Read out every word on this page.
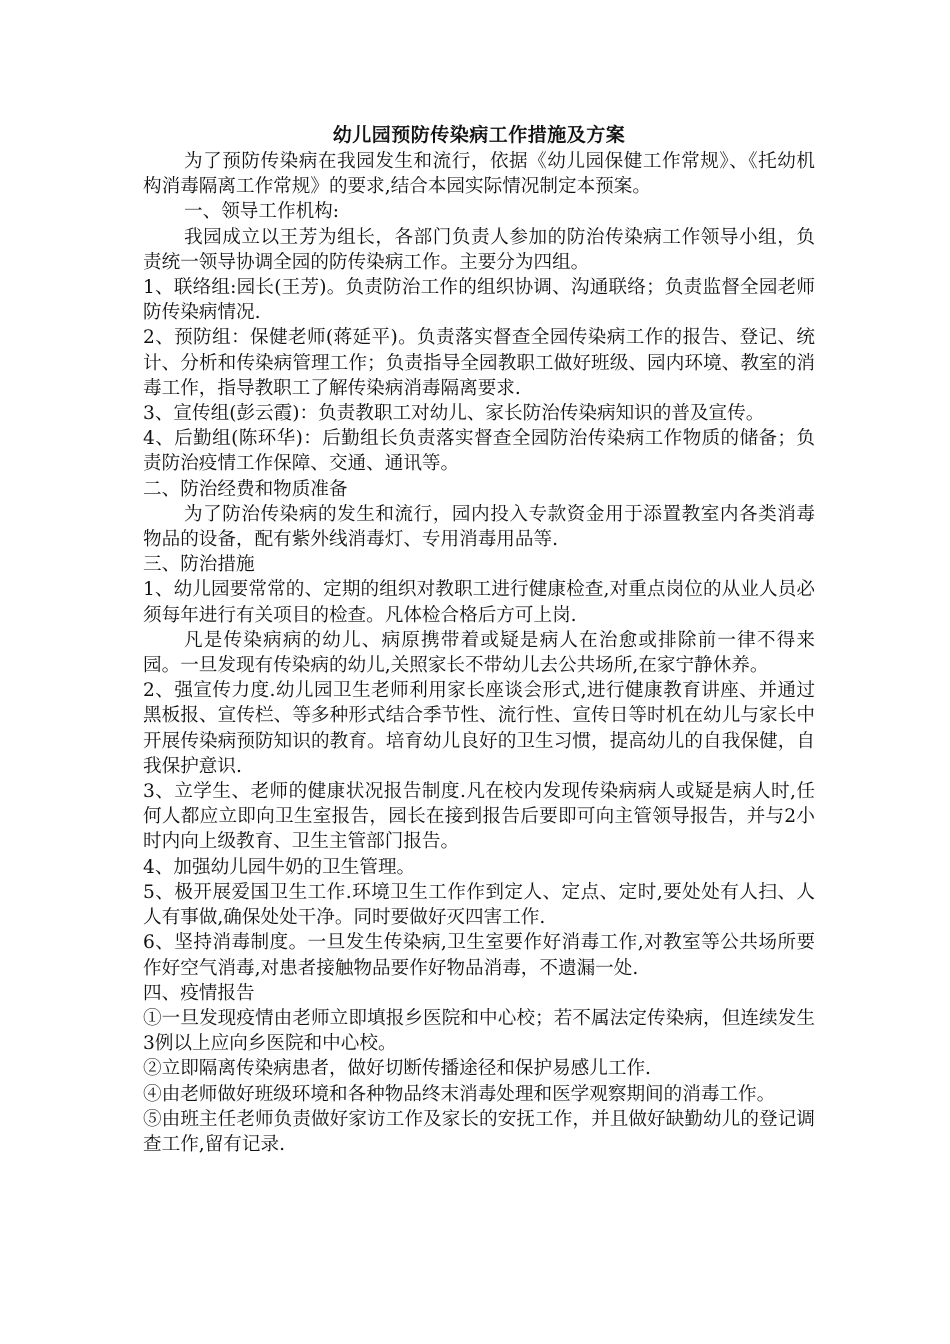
幼儿园预防传染病工作措施及方案

为了预防传染病在我园发生和流行，依据《幼儿园保健工作常规》、《托幼机构消毒隔离工作常规》的要求,结合本园实际情况制定本预案。

一、领导工作机构:

我园成立以王芳为组长，各部门负责人参加的防治传染病工作领导小组，负责统一领导协调全园的防传染病工作。主要分为四组。

1、联络组:园长(王芳)。负责防治工作的组织协调、沟通联络；负责监督全园老师防传染病情况.

2、预防组：保健老师(蒋延平)。负责落实督查全园传染病工作的报告、登记、统计、分析和传染病管理工作；负责指导全园教职工做好班级、园内环境、教室的消毒工作，指导教职工了解传染病消毒隔离要求.

3、宣传组(彭云霞)：负责教职工对幼儿、家长防治传染病知识的普及宣传。

4、后勤组(陈环华)：后勤组长负责落实督查全园防治传染病工作物质的储备；负责防治疫情工作保障、交通、通讯等。

二、防治经费和物质准备

为了防治传染病的发生和流行，园内投入专款资金用于添置教室内各类消毒物品的设备，配有紫外线消毒灯、专用消毒用品等.

三、防治措施

1、幼儿园要常常的、定期的组织对教职工进行健康检查,对重点岗位的从业人员必须每年进行有关项目的检查。凡体检合格后方可上岗.

凡是传染病病的幼儿、病原携带着或疑是病人在治愈或排除前一律不得来园。一旦发现有传染病的幼儿,关照家长不带幼儿去公共场所,在家宁静休养。

2、强宣传力度.幼儿园卫生老师利用家长座谈会形式,进行健康教育讲座、并通过黑板报、宣传栏、等多种形式结合季节性、流行性、宣传日等时机在幼儿与家长中开展传染病预防知识的教育。培育幼儿良好的卫生习惯，提高幼儿的自我保健，自我保护意识.

3、立学生、老师的健康状况报告制度.凡在校内发现传染病病人或疑是病人时,任何人都应立即向卫生室报告，园长在接到报告后要即可向主管领导报告，并与2小时内向上级教育、卫生主管部门报告。

4、加强幼儿园牛奶的卫生管理。

5、极开展爱国卫生工作.环境卫生工作作到定人、定点、定时,要处处有人扫、人人有事做,确保处处干净。同时要做好灭四害工作.

6、坚持消毒制度。一旦发生传染病,卫生室要作好消毒工作,对教室等公共场所要作好空气消毒,对患者接触物品要作好物品消毒，不遗漏一处.

四、疫情报告

①一旦发现疫情由老师立即填报乡医院和中心校；若不属法定传染病，但连续发生3例以上应向乡医院和中心校。

②立即隔离传染病患者，做好切断传播途径和保护易感儿工作.

④由老师做好班级环境和各种物品终末消毒处理和医学观察期间的消毒工作。

⑤由班主任老师负责做好家访工作及家长的安抚工作，并且做好缺勤幼儿的登记调查工作,留有记录.
